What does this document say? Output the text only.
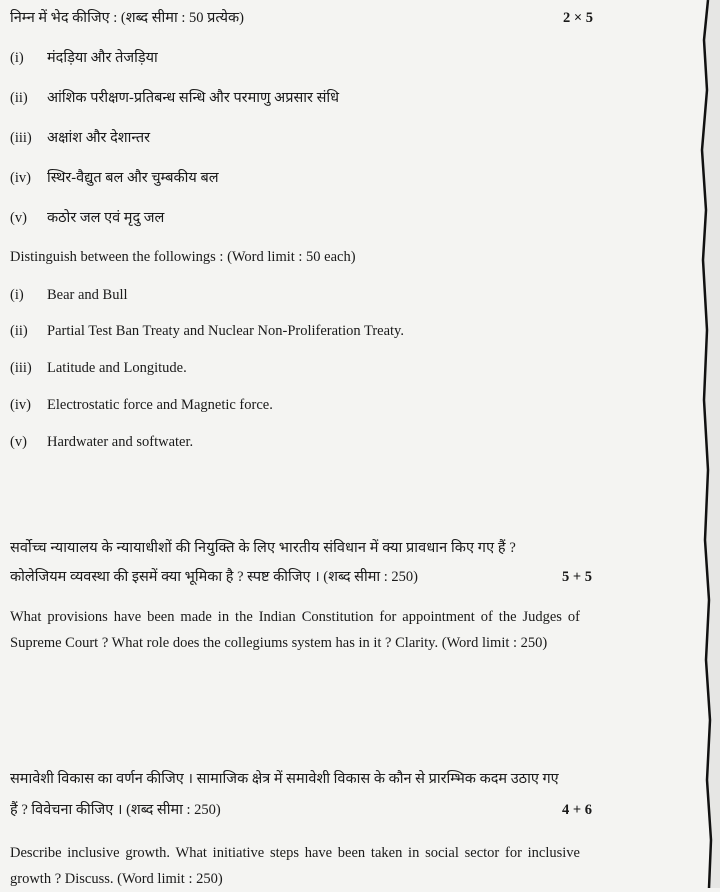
निम्न में भेद कीजिए : (शब्द सीमा : 50 प्रत्येक)	2 × 5
(i) मंदड़िया और तेजड़िया
(ii) आंशिक परीक्षण-प्रतिबन्ध सन्धि और परमाणु अप्रसार संधि
(iii) अक्षांश और देशान्तर
(iv) स्थिर-वैद्युत बल और चुम्बकीय बल
(v) कठोर जल एवं मृदु जल
Distinguish between the followings : (Word limit : 50 each)
(i) Bear and Bull
(ii) Partial Test Ban Treaty and Nuclear Non-Proliferation Treaty.
(iii) Latitude and Longitude.
(iv) Electrostatic force and Magnetic force.
(v) Hardwater and softwater.
सर्वोच्च न्यायालय के न्यायाधीशों की नियुक्ति के लिए भारतीय संविधान में क्या प्रावधान किए गए हैं ?
कोलेजियम व्यवस्था की इसमें क्या भूमिका है ? स्पष्ट कीजिए । (शब्द सीमा : 250)	5 + 5
What provisions have been made in the Indian Constitution for appointment of the Judges of Supreme Court ? What role does the collegiums system has in it ? Clarity. (Word limit : 250)
समावेशी विकास का वर्णन कीजिए । सामाजिक क्षेत्र में समावेशी विकास के कौन से प्रारम्भिक कदम उठाए गए
हैं ? विवेचना कीजिए । (शब्द सीमा : 250)	4 + 6
Describe inclusive growth. What initiative steps have been taken in social sector for inclusive growth ? Discuss. (Word limit : 250)
